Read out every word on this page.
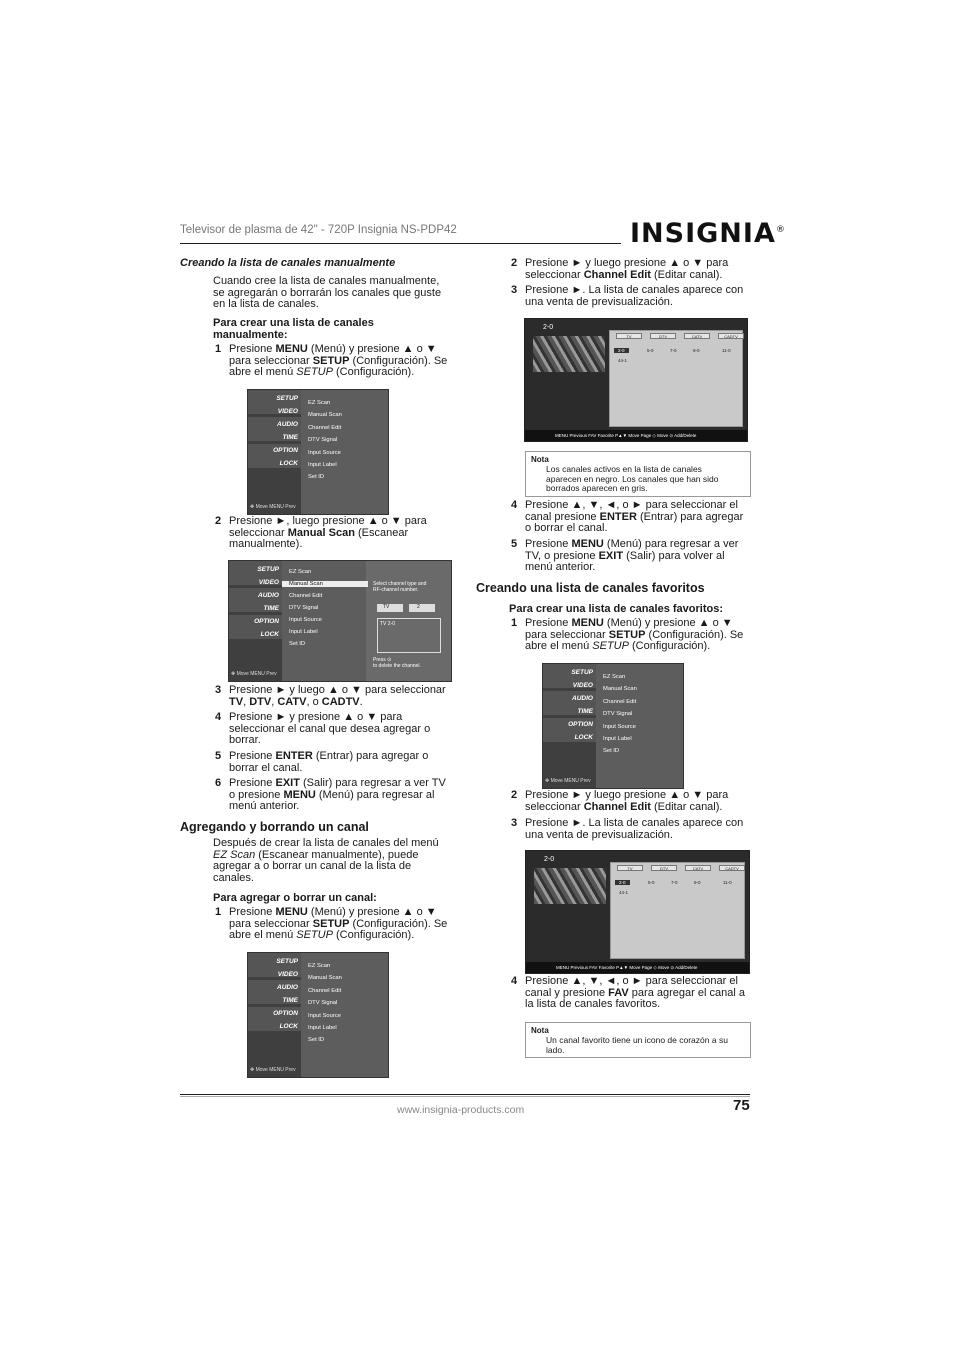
Televisor de plasma de 42" - 720P Insignia NS-PDP42	INSIGNIA®
Creando la lista de canales manualmente
Cuando cree la lista de canales manualmente,
se agregarán o borrarán los canales que guste
en la lista de canales.
Para crear una lista de canales
manualmente:
1 Presione MENU (Menú) y presione ▲ o ▼
para seleccionar SETUP (Configuración). Se
abre el menú SETUP (Configuración).
SETUP
VIDEO
AUDIO
TIME
OPTION
LOCK
✥ Move MENU Prev
EZ Scan
Manual Scan
Channel Edit
DTV Signal
Input Source
Input Label
Set ID
2 Presione ►, luego presione ▲ o ▼ para
seleccionar Manual Scan (Escanear
manualmente).
SETUP
VIDEO
AUDIO
TIME
OPTION
LOCK
✥ Move MENU Prev
EZ Scan
Manual Scan
Channel Edit
DTV Signal
Input Source
Input Label
Set ID
Select channel type and
RF-channel number.
TV	2
TV 2-0
Press ⊙
to delete the channel.
3 Presione ► y luego ▲ o ▼ para seleccionar
TV, DTV, CATV, o CADTV.
4 Presione ► y presione ▲ o ▼ para
seleccionar el canal que desea agregar o
borrar.
5 Presione ENTER (Entrar) para agregar o
borrar el canal.
6 Presione EXIT (Salir) para regresar a ver TV
o presione MENU (Menú) para regresar al
menú anterior.
Agregando y borrando un canal
Después de crear la lista de canales del menú
EZ Scan (Escanear manualmente), puede
agregar a o borrar un canal de la lista de
canales.
Para agregar o borrar un canal:
1 Presione MENU (Menú) y presione ▲ o ▼
para seleccionar SETUP (Configuración). Se
abre el menú SETUP (Configuración).
SETUP
VIDEO
AUDIO
TIME
OPTION
LOCK
✥ Move MENU Prev
EZ Scan
Manual Scan
Channel Edit
DTV Signal
Input Source
Input Label
Set ID
2 Presione ► y luego presione ▲ o ▼ para
seleccionar Channel Edit (Editar canal).
3 Presione ►. La lista de canales aparece con
una venta de previsualización.
2-0
TV	DTV	CATV	CADTV
2-0	5-0	7-0	9-0	11-0
44-1
MENU Previous FAV Favorite P▲▼ Move Page ◇ Move ⊙ Add/Delete
Nota
Los canales activos en la lista de canales
aparecen en negro. Los canales que han sido
borrados aparecen en gris.
4 Presione ▲, ▼, ◄, o ► para seleccionar el
canal presione ENTER (Entrar) para agregar
o borrar el canal.
5 Presione MENU (Menú) para regresar a ver
TV, o presione EXIT (Salir) para volver al
menú anterior.
Creando una lista de canales favoritos
Para crear una lista de canales favoritos:
1 Presione MENU (Menú) y presione ▲ o ▼
para seleccionar SETUP (Configuración). Se
abre el menú SETUP (Configuración).
SETUP
VIDEO
AUDIO
TIME
OPTION
LOCK
✥ Move MENU Prev
EZ Scan
Manual Scan
Channel Edit
DTV Signal
Input Source
Input Label
Set ID
2 Presione ► y luego presione ▲ o ▼ para
seleccionar Channel Edit (Editar canal).
3 Presione ►. La lista de canales aparece con
una venta de previsualización.
2-0
TV	DTV	CATV	CADTV
2-0	5-0	7-0	9-0	11-0
44-1
MENU Previous FAV Favorite P▲▼ Move Page ◇ Move ⊙ Add/Delete
4 Presione ▲, ▼, ◄, o ► para seleccionar el
canal y presione FAV para agregar el canal a
la lista de canales favoritos.
Nota
Un canal favorito tiene un icono de corazón a su
lado.
www.insignia-products.com	75
